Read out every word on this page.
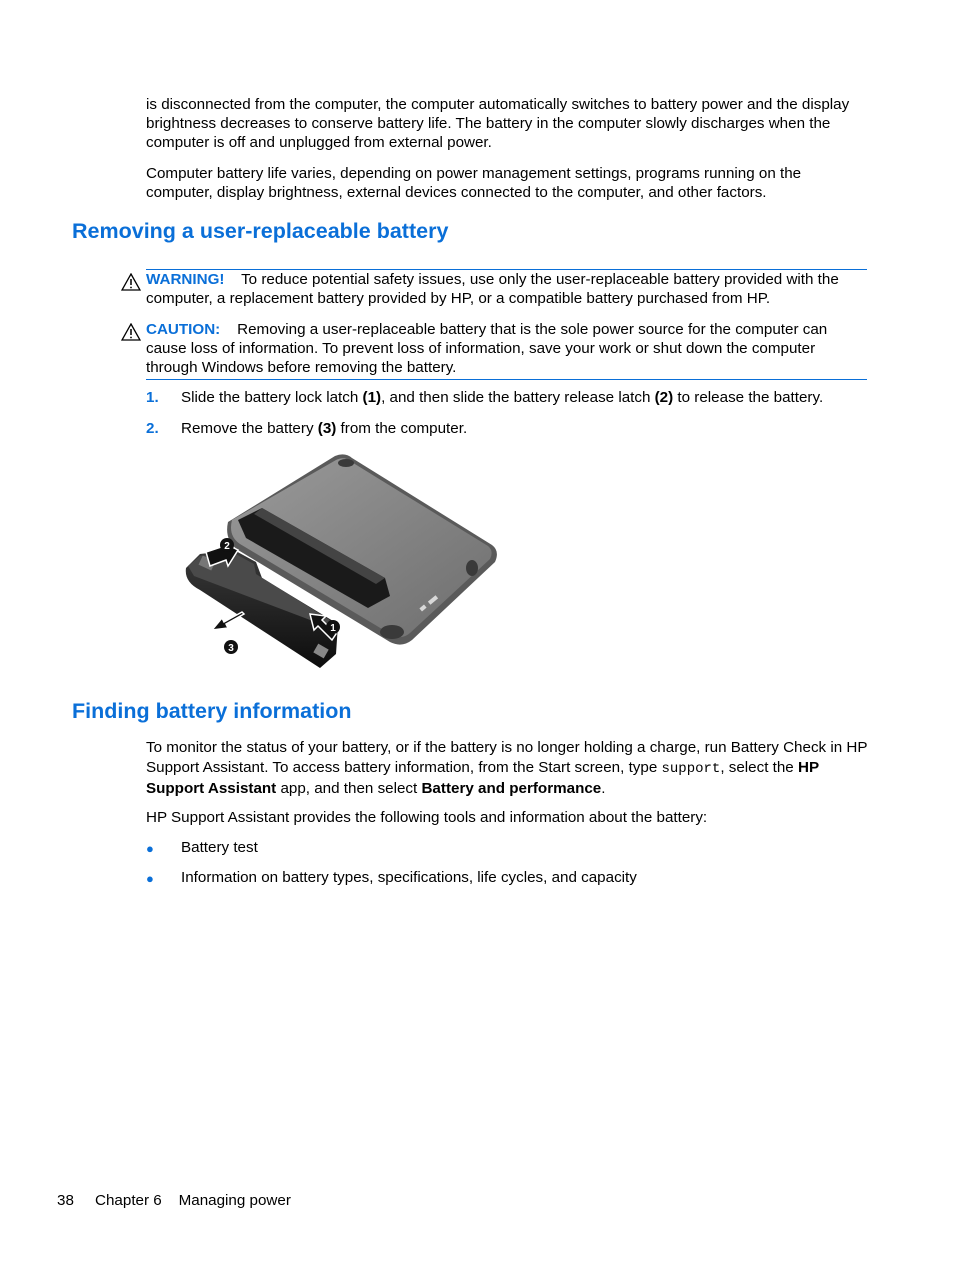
is disconnected from the computer, the computer automatically switches to battery power and the display brightness decreases to conserve battery life. The battery in the computer slowly discharges when the computer is off and unplugged from external power.

Computer battery life varies, depending on power management settings, programs running on the computer, display brightness, external devices connected to the computer, and other factors.

Removing a user-replaceable battery
WARNING! To reduce potential safety issues, use only the user-replaceable battery provided with the computer, a replacement battery provided by HP, or a compatible battery purchased from HP.
CAUTION: Removing a user-replaceable battery that is the sole power source for the computer can cause loss of information. To prevent loss of information, save your work or shut down the computer through Windows before removing the battery.
1. Slide the battery lock latch (1), and then slide the battery release latch (2) to release the battery.
2. Remove the battery (3) from the computer.
2
1
3
Finding battery information

To monitor the status of your battery, or if the battery is no longer holding a charge, run Battery Check in HP Support Assistant. To access battery information, from the Start screen, type support, select the HP Support Assistant app, and then select Battery and performance.

HP Support Assistant provides the following tools and information about the battery:

● Battery test
● Information on battery types, specifications, life cycles, and capacity
38 Chapter 6 Managing power
